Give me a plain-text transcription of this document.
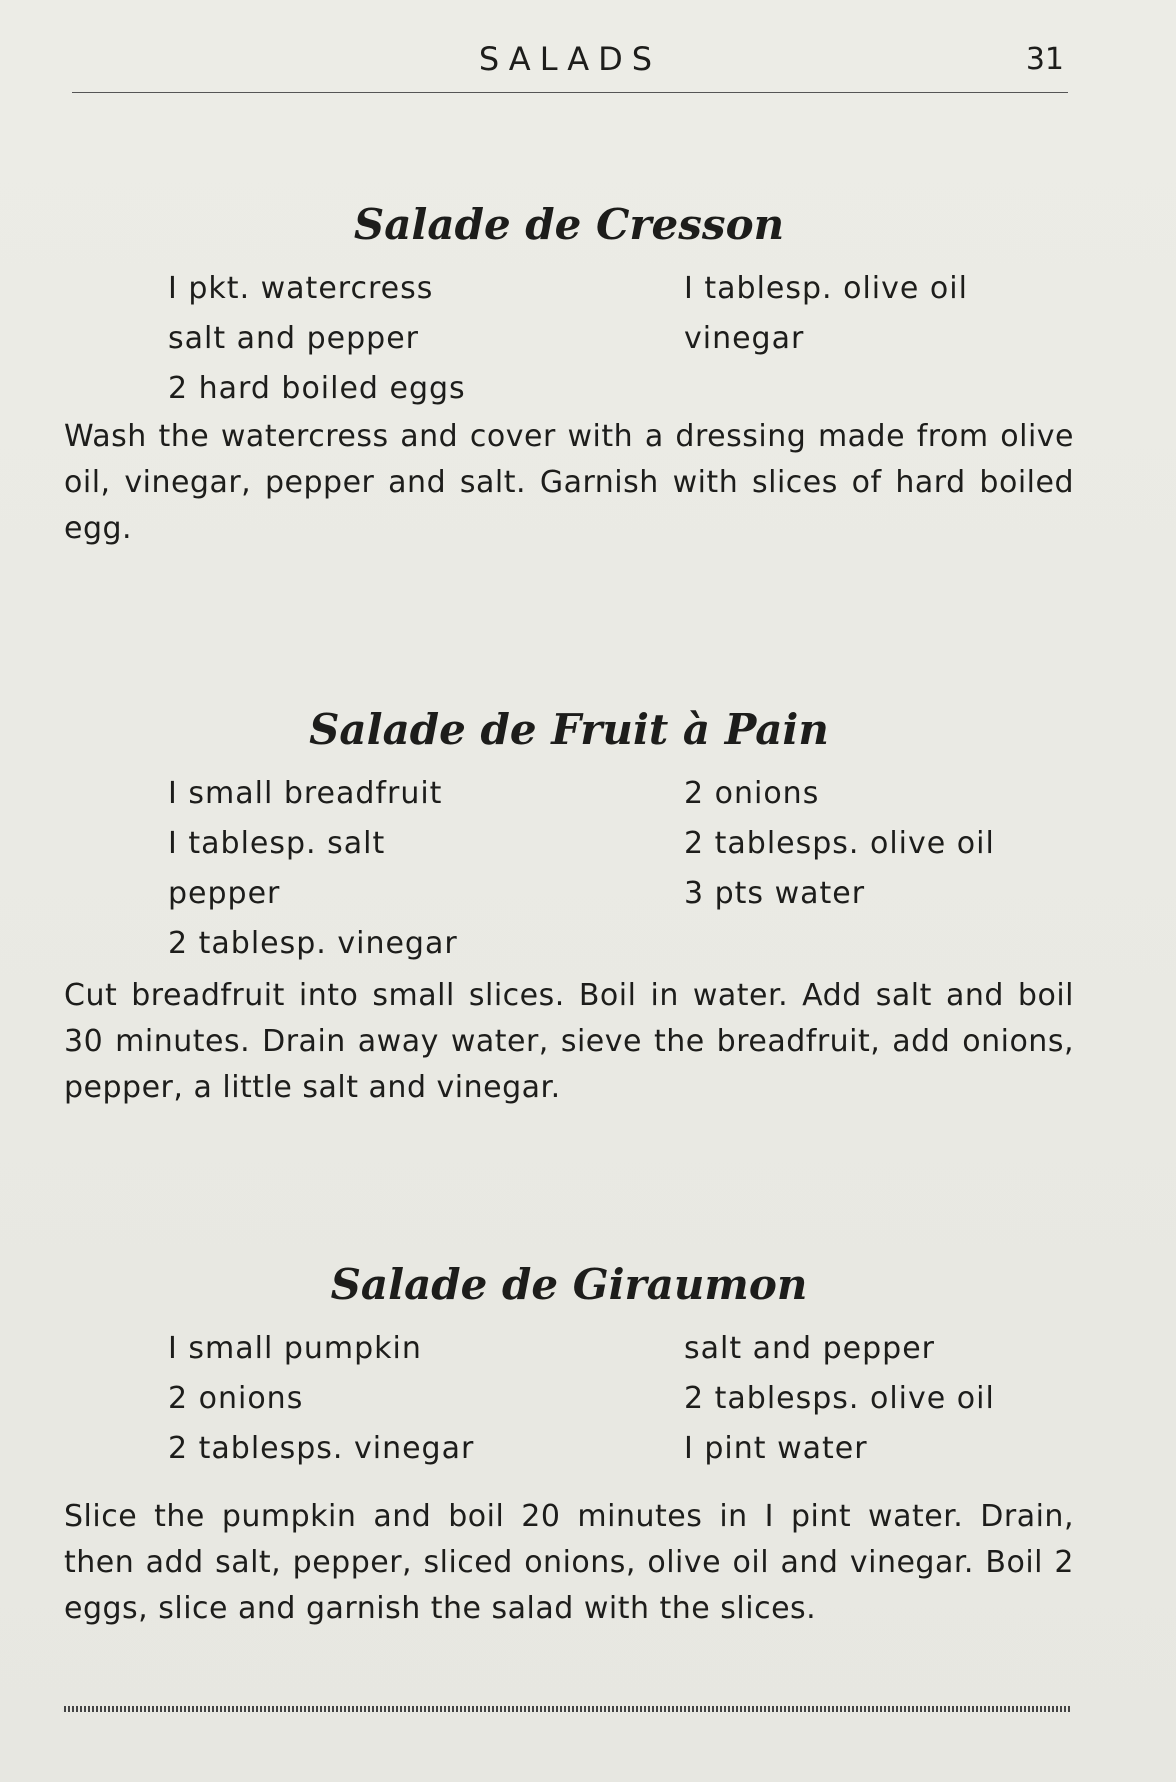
SALADS	31
Salade de Cresson
I pkt. watercress
salt and pepper
2 hard boiled eggs
I tablesp. olive oil
vinegar
Wash the watercress and cover with a dressing made from olive oil, vinegar, pepper and salt. Garnish with slices of hard boiled egg.
Salade de Fruit à Pain
I small breadfruit
I tablesp. salt
pepper
2 tablesp. vinegar
2 onions
2 tablesps. olive oil
3 pts water
Cut breadfruit into small slices. Boil in water. Add salt and boil 30 minutes. Drain away water, sieve the breadfruit, add onions, pepper, a little salt and vinegar.
Salade de Giraumon
I small pumpkin
2 onions
2 tablesps. vinegar
salt and pepper
2 tablesps. olive oil
I pint water
Slice the pumpkin and boil 20 minutes in I pint water. Drain, then add salt, pepper, sliced onions, olive oil and vinegar. Boil 2 eggs, slice and garnish the salad with the slices.
